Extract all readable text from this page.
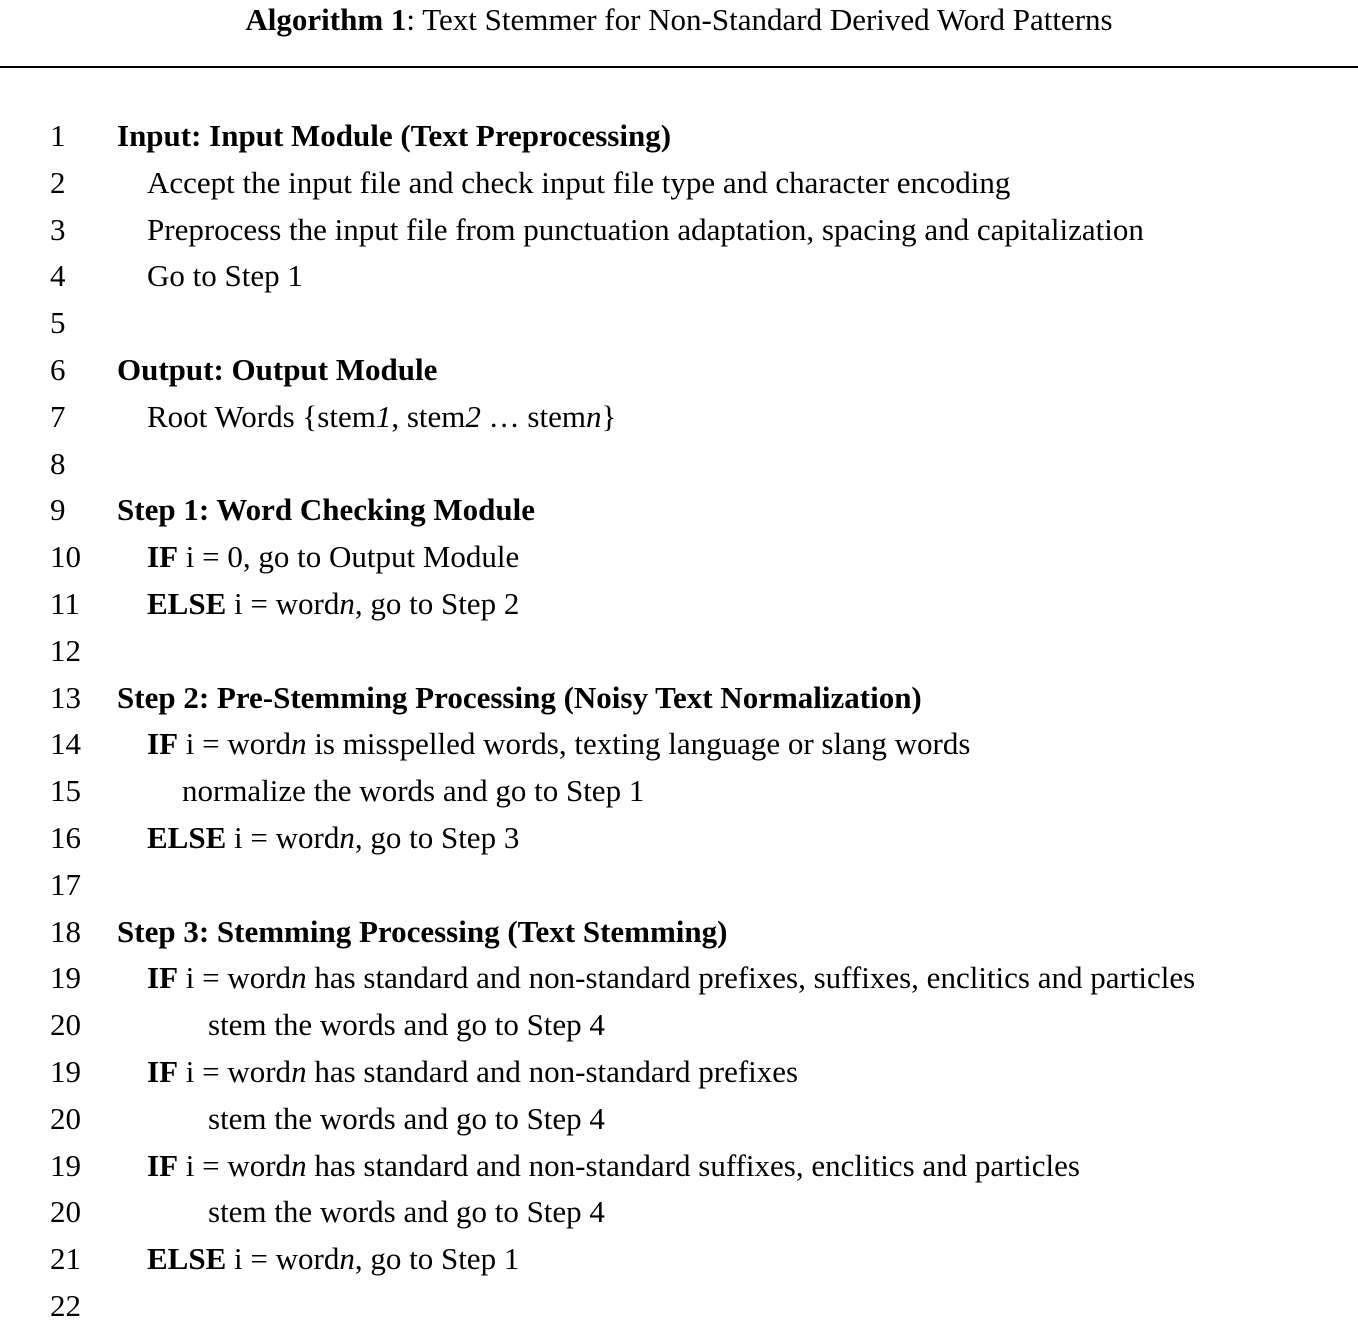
Algorithm 1: Text Stemmer for Non-Standard Derived Word Patterns
1 Input: Input Module (Text Preprocessing)
2	Accept the input file and check input file type and character encoding
3	Preprocess the input file from punctuation adaptation, spacing and capitalization
4	Go to Step 1
5
6 Output: Output Module
7	Root Words {stem1, stem2 … stemn}
8
9 Step 1: Word Checking Module
10 IF i = 0, go to Output Module
11 ELSE i = wordn, go to Step 2
12
13 Step 2: Pre-Stemming Processing (Noisy Text Normalization)
14 IF i = wordn is misspelled words, texting language or slang words
15	normalize the words and go to Step 1
16 ELSE i = wordn, go to Step 3
17
18 Step 3: Stemming Processing (Text Stemming)
19 IF i = wordn has standard and non-standard prefixes, suffixes, enclitics and particles
20	stem the words and go to Step 4
19 IF i = wordn has standard and non-standard prefixes
20	stem the words and go to Step 4
19 IF i = wordn has standard and non-standard suffixes, enclitics and particles
20	stem the words and go to Step 4
21 ELSE i = wordn, go to Step 1
22
